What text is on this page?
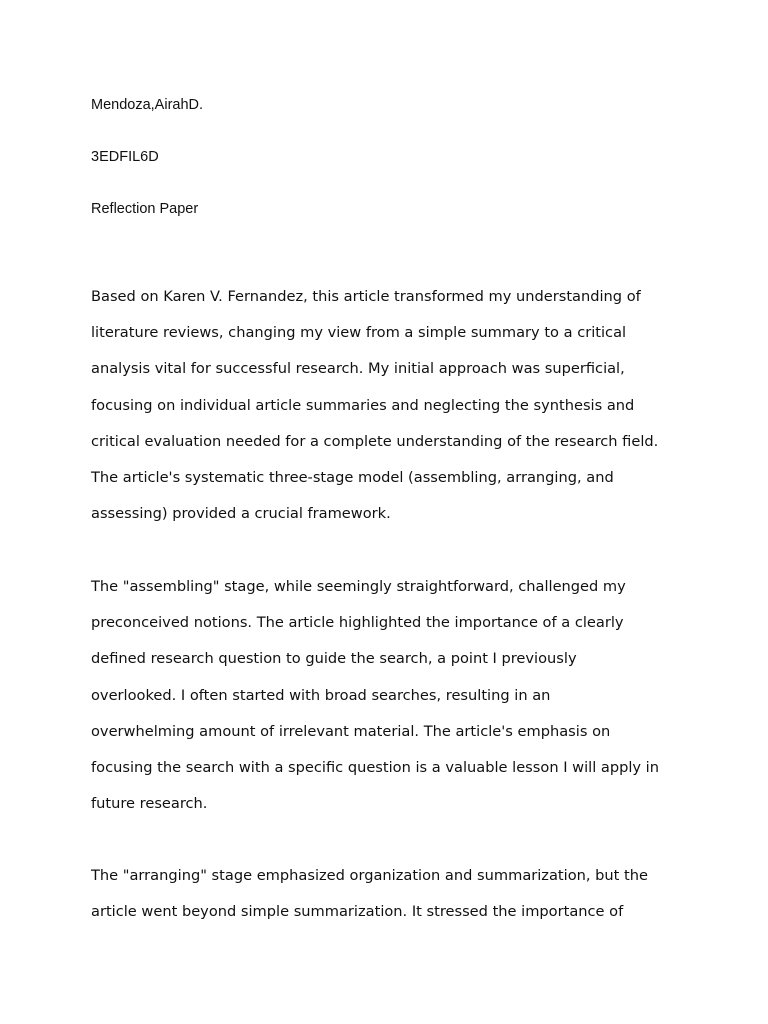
Mendoza,AirahD.
3EDFIL6D
Reflection Paper
Based on Karen V. Fernandez, this article transformed my understanding of
literature reviews, changing my view from a simple summary to a critical
analysis vital for successful research. My initial approach was superficial,
focusing on individual article summaries and neglecting the synthesis and
critical evaluation needed for a complete understanding of the research field.
The article's systematic three-stage model (assembling, arranging, and
assessing) provided a crucial framework.
The "assembling" stage, while seemingly straightforward, challenged my
preconceived notions. The article highlighted the importance of a clearly
defined research question to guide the search, a point I previously
overlooked. I often started with broad searches, resulting in an
overwhelming amount of irrelevant material. The article's emphasis on
focusing the search with a specific question is a valuable lesson I will apply in
future research.
The "arranging" stage emphasized organization and summarization, but the
article went beyond simple summarization. It stressed the importance of
